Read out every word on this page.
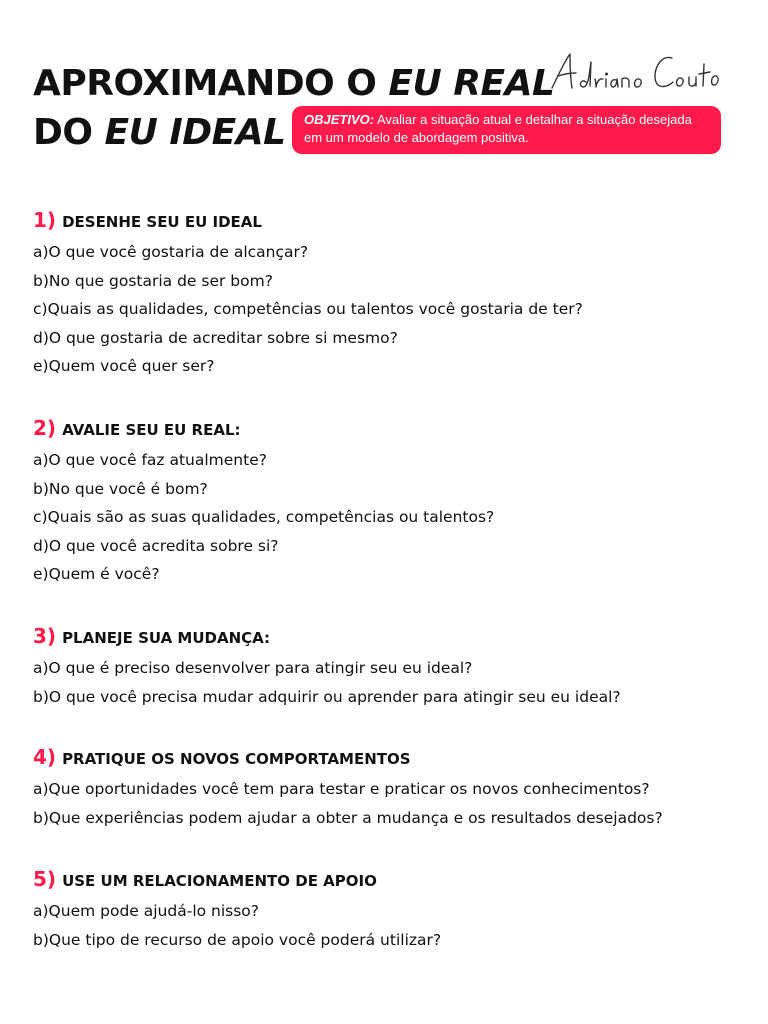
APROXIMANDO O EU REAL
DO EU IDEAL	OBJETIVO: Avaliar a situação atual e detalhar a situação desejada em um modelo de abordagem positiva.
1) DESENHE SEU EU IDEAL
a)O que você gostaria de alcançar?
b)No que gostaria de ser bom?
c)Quais as qualidades, competências ou talentos você gostaria de ter?
d)O que gostaria de acreditar sobre si mesmo?
e)Quem você quer ser?
2) AVALIE SEU EU REAL:
a)O que você faz atualmente?
b)No que você é bom?
c)Quais são as suas qualidades, competências ou talentos?
d)O que você acredita sobre si?
e)Quem é você?
3) PLANEJE SUA MUDANÇA:
a)O que é preciso desenvolver para atingir seu eu ideal?
b)O que você precisa mudar adquirir ou aprender para atingir seu eu ideal?
4) PRATIQUE OS NOVOS COMPORTAMENTOS
a)Que oportunidades você tem para testar e praticar os novos conhecimentos?
b)Que experiências podem ajudar a obter a mudança e os resultados desejados?
5) USE UM RELACIONAMENTO DE APOIO
a)Quem pode ajudá-lo nisso?
b)Que tipo de recurso de apoio você poderá utilizar?
